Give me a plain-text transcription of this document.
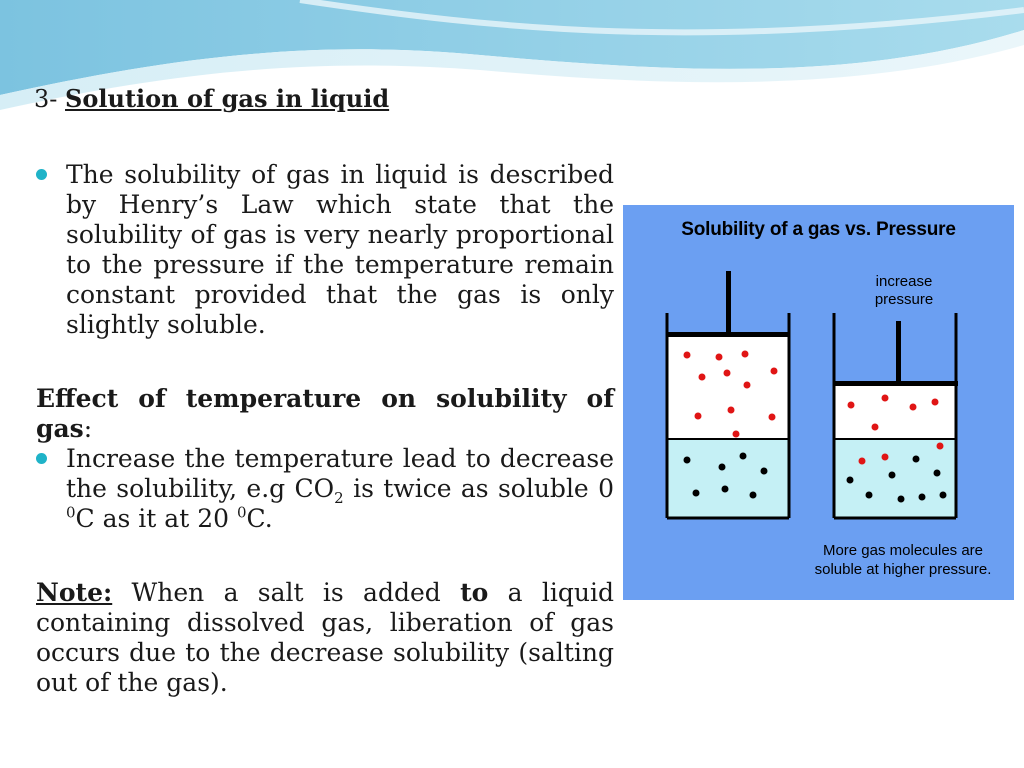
3- Solution of gas in liquid
The solubility of gas in liquid is described by Henry’s Law which state that the solubility of gas is very nearly proportional to the pressure if the temperature remain constant provided that the gas is only slightly soluble.
Effect of temperature on solubility of gas:
Increase the temperature lead to decrease the solubility, e.g $CO_2$ is twice as soluble 0 $^0$C as it at 20 $^0$C.
Note: When a salt is added to a liquid containing dissolved gas, liberation of gas occurs due to the decrease solubility (salting out of the gas).
Solubility of a gas vs. Pressure
increase pressure
More gas molecules are soluble at higher pressure.
